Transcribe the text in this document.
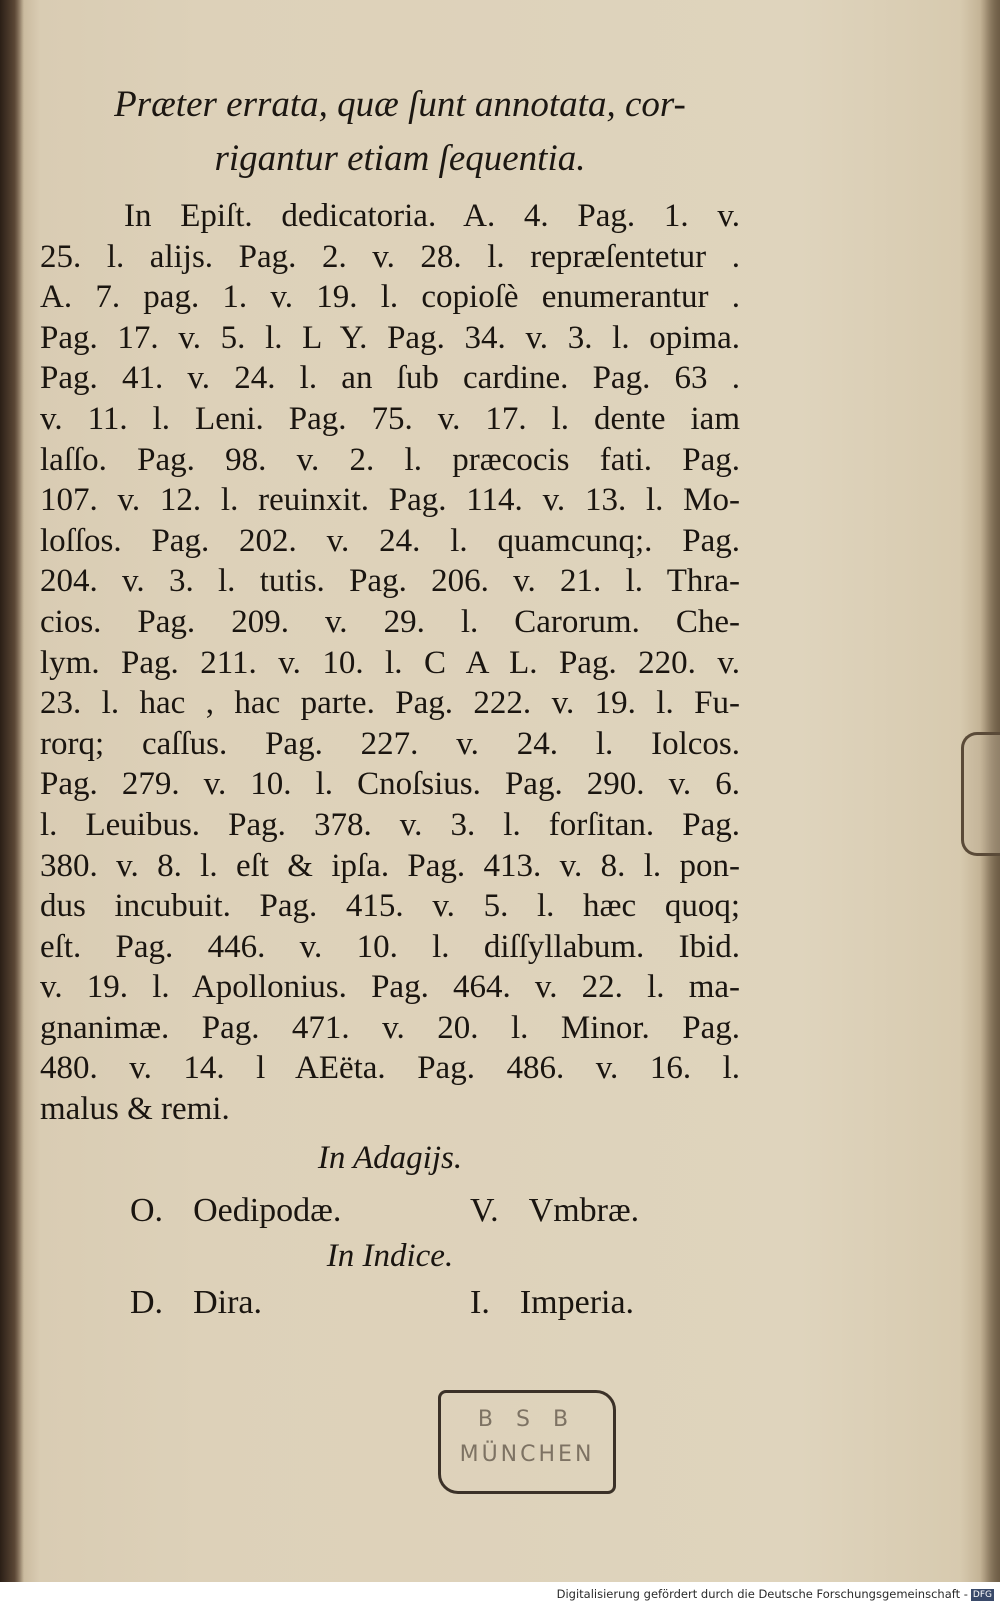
Præter errata, quæ ſunt annotata, cor-
rigantur etiam ſequentia.

In Epiſt. dedicatoria. A. 4. Pag. 1. v.
25. l. alijs. Pag. 2. v. 28. l. repræſentetur .
A. 7. pag. 1. v. 19. l. copioſè enumerantur .
Pag. 17. v. 5. l. L Y. Pag. 34. v. 3. l. opima.
Pag. 41. v. 24. l. an ſub cardine. Pag. 63 .
v. 11. l. Leni. Pag. 75. v. 17. l. dente iam
laſſo. Pag. 98. v. 2. l. præcocis fati. Pag.
107. v. 12. l. reuinxit. Pag. 114. v. 13. l. Mo-
loſſos. Pag. 202. v. 24. l. quamcunq;. Pag.
204. v. 3. l. tutis. Pag. 206. v. 21. l. Thra-
cios. Pag. 209. v. 29. l. Carorum. Che-
lym. Pag. 211. v. 10. l. C A L. Pag. 220. v.
23. l. hac , hac parte. Pag. 222. v. 19. l. Fu-
rorq; caſſus. Pag. 227. v. 24. l. Iolcos.
Pag. 279. v. 10. l. Cnoſsius. Pag. 290. v. 6.
l. Leuibus. Pag. 378. v. 3. l. forſitan. Pag.
380. v. 8. l. eſt & ipſa. Pag. 413. v. 8. l. pon-
dus incubuit. Pag. 415. v. 5. l. hæc quoq;
eſt. Pag. 446. v. 10. l. diſſyllabum. Ibid.
v. 19. l. Apollonius. Pag. 464. v. 22. l. ma-
gnanimæ. Pag. 471. v. 20. l. Minor. Pag.
480. v. 14. l AEëta. Pag. 486. v. 16. l.
malus & remi.

In Adagijs.
O. Oedipodæ.	V. Vmbræ.
In Indice.
D. Dira.	I. Imperia.
B S B
MÜNCHEN
Digitalisierung gefördert durch die Deutsche Forschungsgemeinschaft - DFG
